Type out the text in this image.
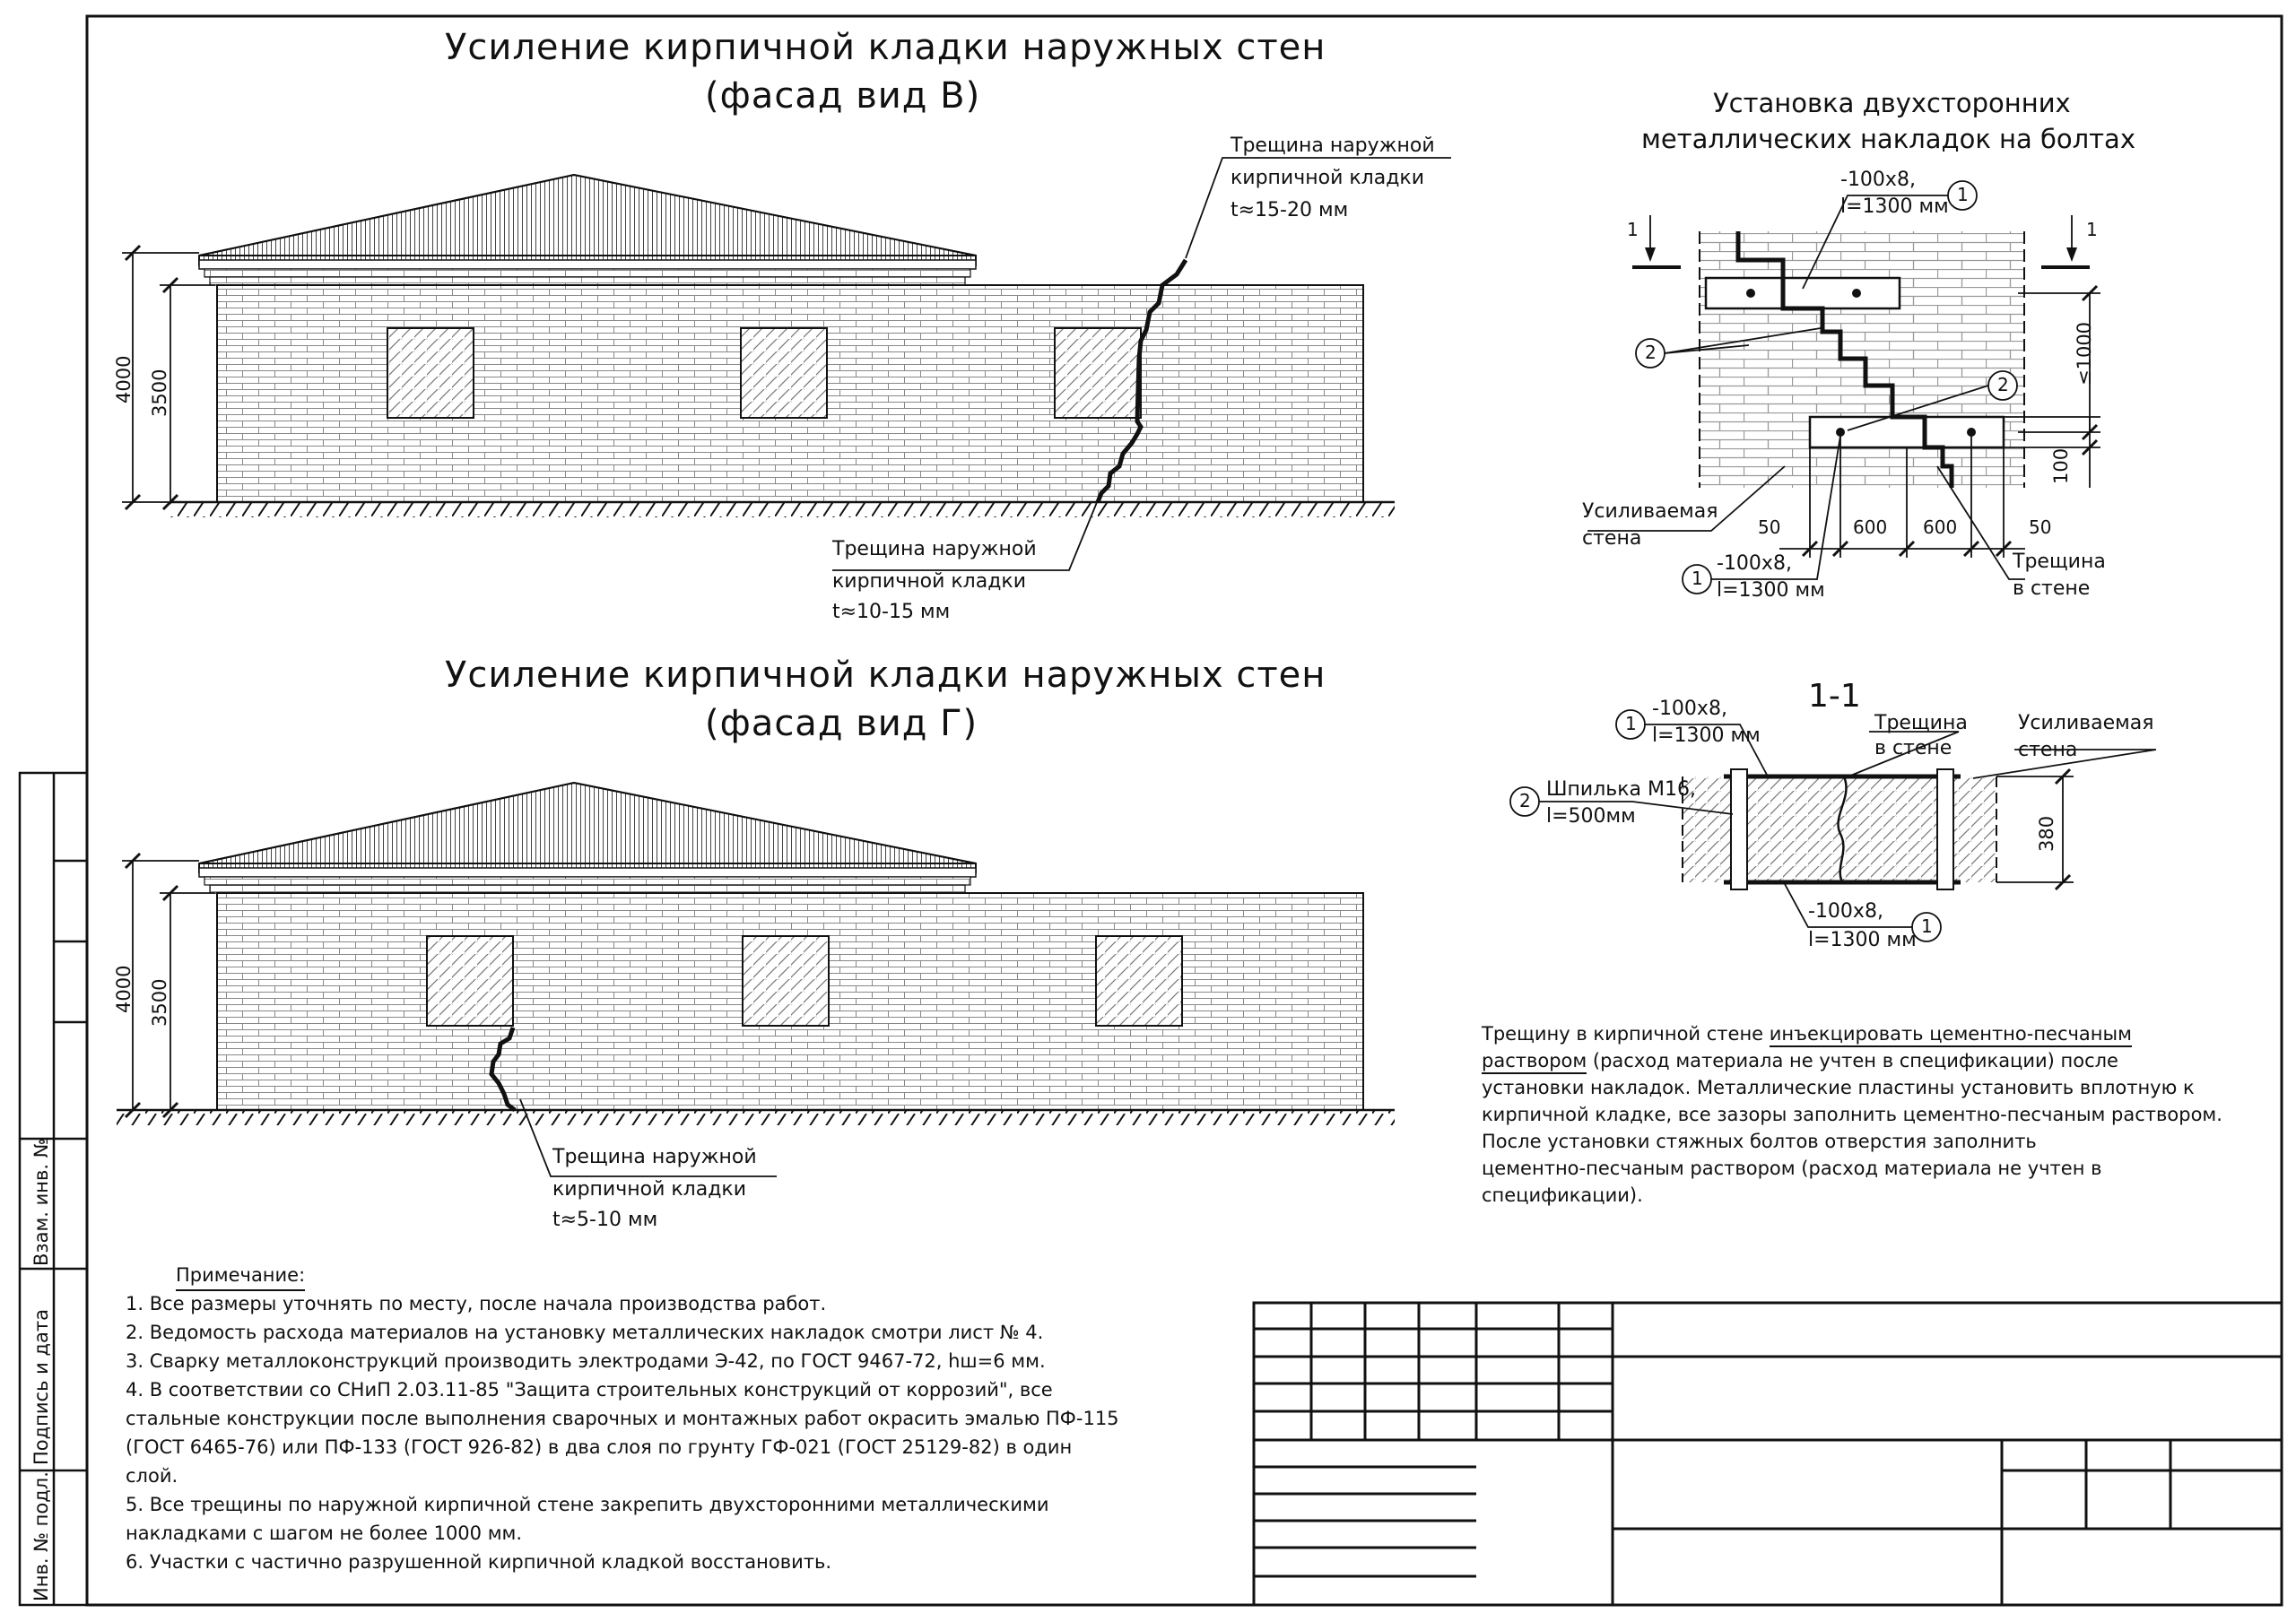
Усиление кирпичной кладки наружных стен
(фасад вид В)
4000 3500
Трещина наружной
кирпичной кладки
t≈15-20 мм
Трещина наружной
кирпичной кладки
t≈10-15 мм
Усиление кирпичной кладки наружных стен
(фасад вид Г)
4000 3500
Трещина наружной
кирпичной кладки
t≈5-10 мм
Установка двухсторонних
металлических накладок на болтах
-100х8,
l=1300 мм
1
2
2
1
1	1
Усиливаемая
стена
Трещина
в стене
-100х8,
l=1300 мм
50	600 600	50
≤1000
100
1-1
-100х8,
l=1300 мм
1	Трещина
в стене
Усиливаемая
стена
2 Шпилька М16,
l=500мм	380
-100х8,
l=1300 мм
1
Трещину в кирпичной стене инъекцировать цементно-песчаным
раствором (расход материала не учтен в спецификации) после
установки накладок. Металлические пластины установить вплотную к
кирпичной кладке, все зазоры заполнить цементно-песчаным раствором.
После установки стяжных болтов отверстия заполнить
цементно-песчаным раствором (расход материала не учтен в
спецификации).
Примечание:
1. Все размеры уточнять по месту, после начала производства работ.
2. Ведомость расхода материалов на установку металлических накладок смотри лист № 4.
3. Сварку металлоконструкций производить электродами Э-42, по ГОСТ 9467-72, hш=6 мм.
4. В соответствии со СНиП 2.03.11-85 "Защита строительных конструкций от коррозий", все
стальные конструкции после выполнения сварочных и монтажных работ окрасить эмалью ПФ-115
(ГОСТ 6465-76) или ПФ-133 (ГОСТ 926-82) в два слоя по грунту ГФ-021 (ГОСТ 25129-82) в один
слой.
5. Все трещины по наружной кирпичной стене закрепить двухсторонними металлическими
накладками с шагом не более 1000 мм.
6. Участки с частично разрушенной кирпичной кладкой восстановить.
Инв. № подл.
Подпись и дата
Взам. инв. №
